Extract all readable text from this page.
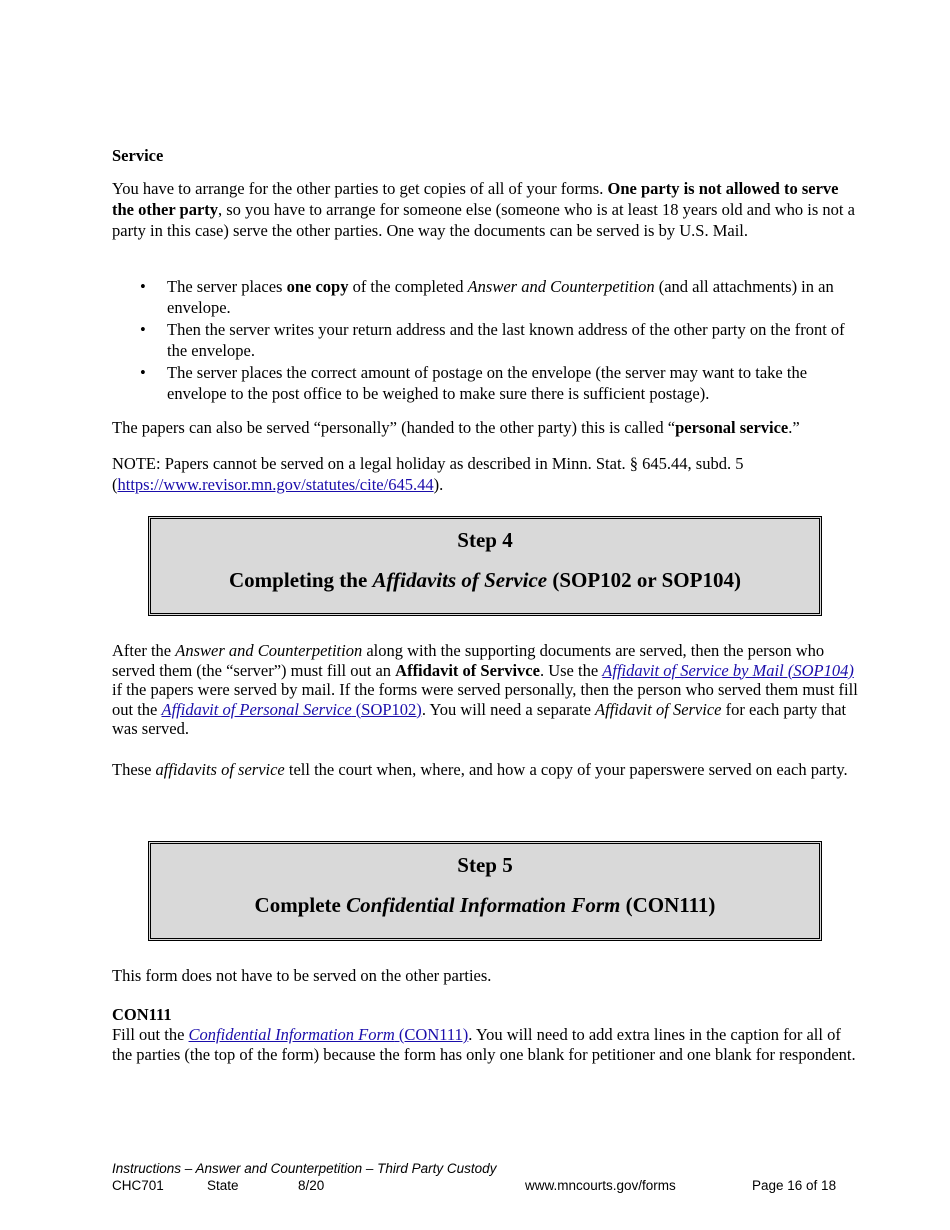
Service

You have to arrange for the other parties to get copies of all of your forms. One party is not allowed to serve the other party, so you have to arrange for someone else (someone who is at least 18 years old and who is not a party in this case) serve the other parties. One way the documents can be served is by U.S. Mail.

• The server places one copy of the completed Answer and Counterpetition (and all attachments) in an envelope.
• Then the server writes your return address and the last known address of the other party on the front of the envelope.
• The server places the correct amount of postage on the envelope (the server may want to take the envelope to the post office to be weighed to make sure there is sufficient postage).

The papers can also be served “personally” (handed to the other party) this is called “personal service.”

NOTE: Papers cannot be served on a legal holiday as described in Minn. Stat. § 645.44, subd. 5 (https://www.revisor.mn.gov/statutes/cite/645.44).

Step 4
Completing the Affidavits of Service (SOP102 or SOP104)

After the Answer and Counterpetition along with the supporting documents are served, then the person who served them (the “server”) must fill out an Affidavit of Servivce. Use the Affidavit of Service by Mail (SOP104) if the papers were served by mail. If the forms were served personally, then the person who served them must fill out the Affidavit of Personal Service (SOP102). You will need a separate Affidavit of Service for each party that was served.

These affidavits of service tell the court when, where, and how a copy of your paperswere served on each party.

Step 5
Complete Confidential Information Form (CON111)

This form does not have to be served on the other parties.

CON111

Fill out the Confidential Information Form (CON111). You will need to add extra lines in the caption for all of the parties (the top of the form) because the form has only one blank for petitioner and one blank for respondent.

Instructions – Answer and Counterpetition – Third Party Custody
CHC701	State	8/20	www.mncourts.gov/forms	Page 16 of 18
